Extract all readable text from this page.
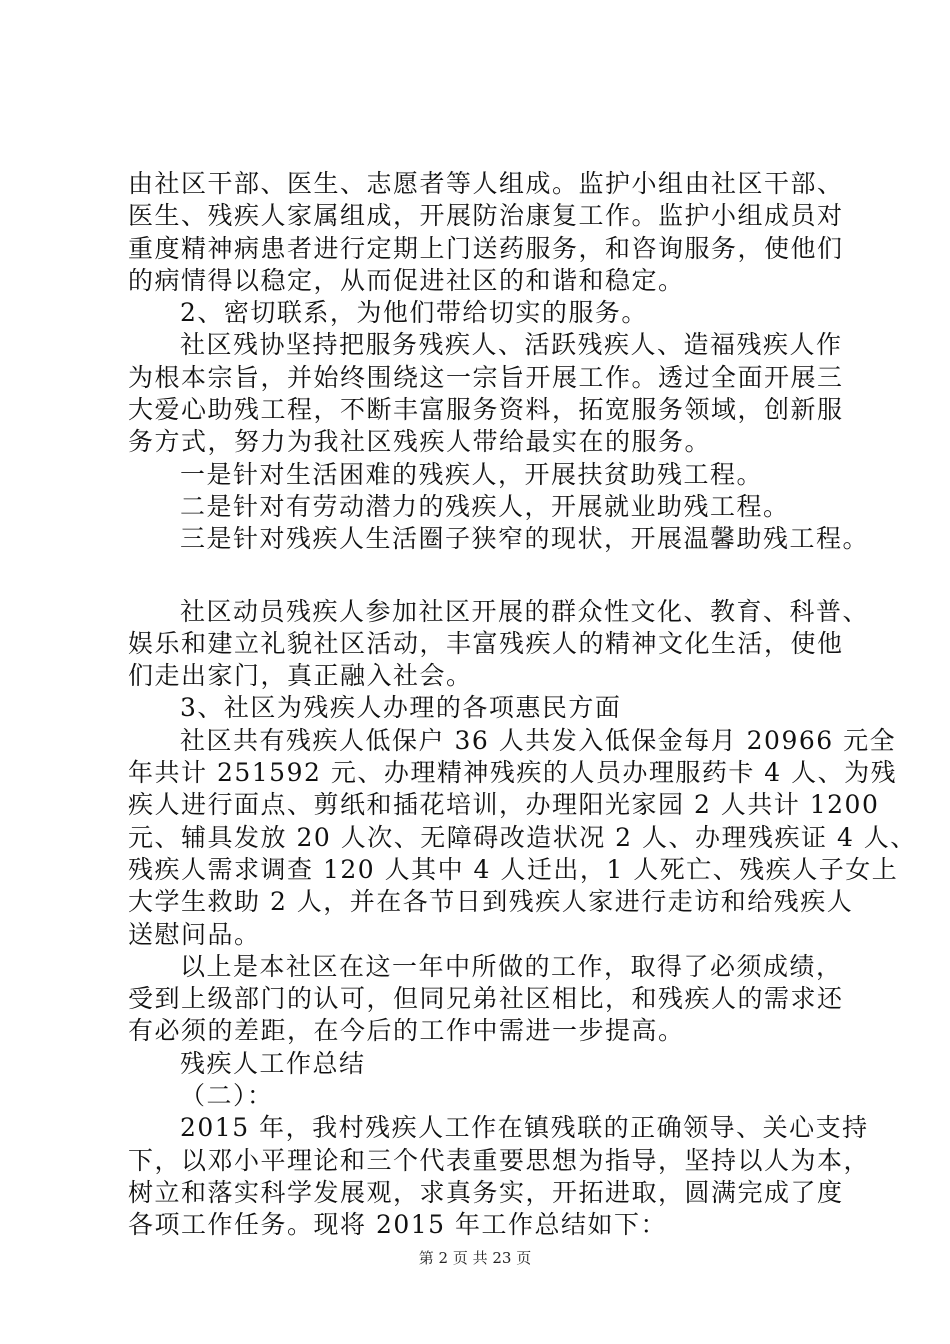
由社区干部、医生、志愿者等人组成。监护小组由社区干部、
医生、残疾人家属组成，开展防治康复工作。监护小组成员对
重度精神病患者进行定期上门送药服务，和咨询服务，使他们
的病情得以稳定，从而促进社区的和谐和稳定。
2、密切联系，为他们带给切实的服务。
社区残协坚持把服务残疾人、活跃残疾人、造福残疾人作
为根本宗旨，并始终围绕这一宗旨开展工作。透过全面开展三
大爱心助残工程，不断丰富服务资料，拓宽服务领域，创新服
务方式，努力为我社区残疾人带给最实在的服务。
一是针对生活困难的残疾人，开展扶贫助残工程。
二是针对有劳动潜力的残疾人，开展就业助残工程。
三是针对残疾人生活圈子狭窄的现状，开展温馨助残工程。
社区动员残疾人参加社区开展的群众性文化、教育、科普、
娱乐和建立礼貌社区活动，丰富残疾人的精神文化生活，使他
们走出家门，真正融入社会。
3、社区为残疾人办理的各项惠民方面
社区共有残疾人低保户 36 人共发入低保金每月 20966 元全
年共计 251592 元、办理精神残疾的人员办理服药卡 4 人、为残
疾人进行面点、剪纸和插花培训，办理阳光家园 2 人共计 1200
元、辅具发放 20 人次、无障碍改造状况 2 人、办理残疾证 4 人、
残疾人需求调查 120 人其中 4 人迁出，1 人死亡、残疾人子女上
大学生救助 2 人，并在各节日到残疾人家进行走访和给残疾人
送慰问品。
以上是本社区在这一年中所做的工作，取得了必须成绩，
受到上级部门的认可，但同兄弟社区相比，和残疾人的需求还
有必须的差距，在今后的工作中需进一步提高。
残疾人工作总结
（二）：
2015 年，我村残疾人工作在镇残联的正确领导、关心支持
下，以邓小平理论和三个代表重要思想为指导，坚持以人为本，
树立和落实科学发展观，求真务实，开拓进取，圆满完成了度
各项工作任务。现将 2015 年工作总结如下：
第 2 页 共 23 页
